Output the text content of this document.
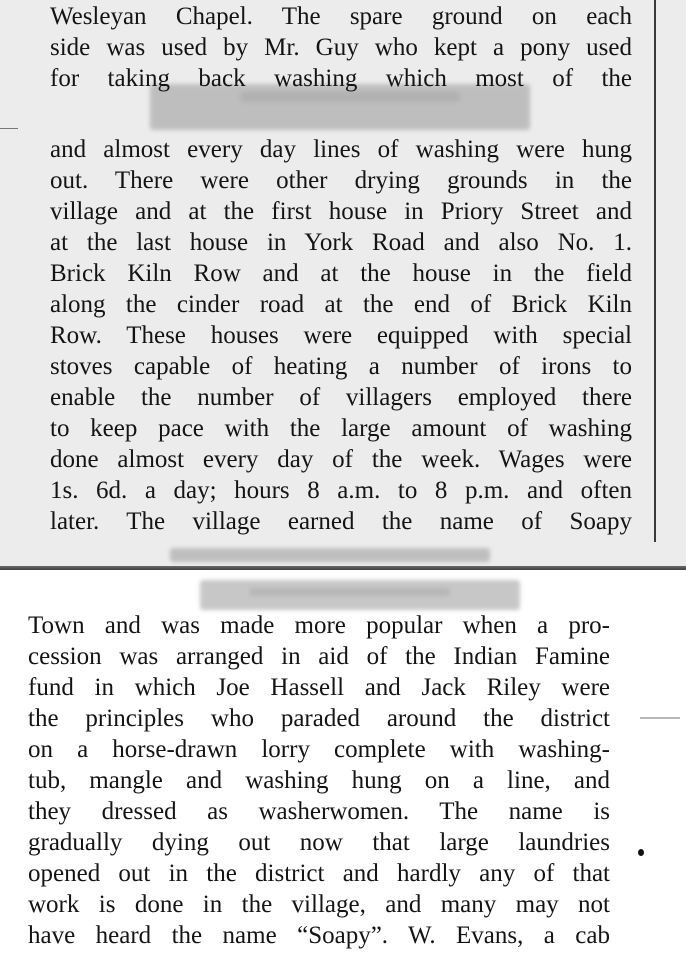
Wesleyan Chapel. The spare ground on each

side was used by Mr. Guy who kept a pony used

for taking back washing which most of the

and almost every day lines of washing were hung

out. There were other drying grounds in the

village and at the first house in Priory Street and

at the last house in York Road and also No. 1.

Brick Kiln Row and at the house in the field

along the cinder road at the end of Brick Kiln

Row. These houses were equipped with special

stoves capable of heating a number of irons to

enable the number of villagers employed there

to keep pace with the large amount of washing

done almost every day of the week. Wages were

1s. 6d. a day; hours 8 a.m. to 8 p.m. and often

later. The village earned the name of Soapy

Town and was made more popular when a pro-

cession was arranged in aid of the Indian Famine

fund in which Joe Hassell and Jack Riley were

the principles who paraded around the district

on a horse-drawn lorry complete with washing-

tub, mangle and washing hung on a line, and

they dressed as washerwomen. The name is

gradually dying out now that large laundries

opened out in the district and hardly any of that

work is done in the village, and many may not

have heard the name “Soapy”. W. Evans, a cab
